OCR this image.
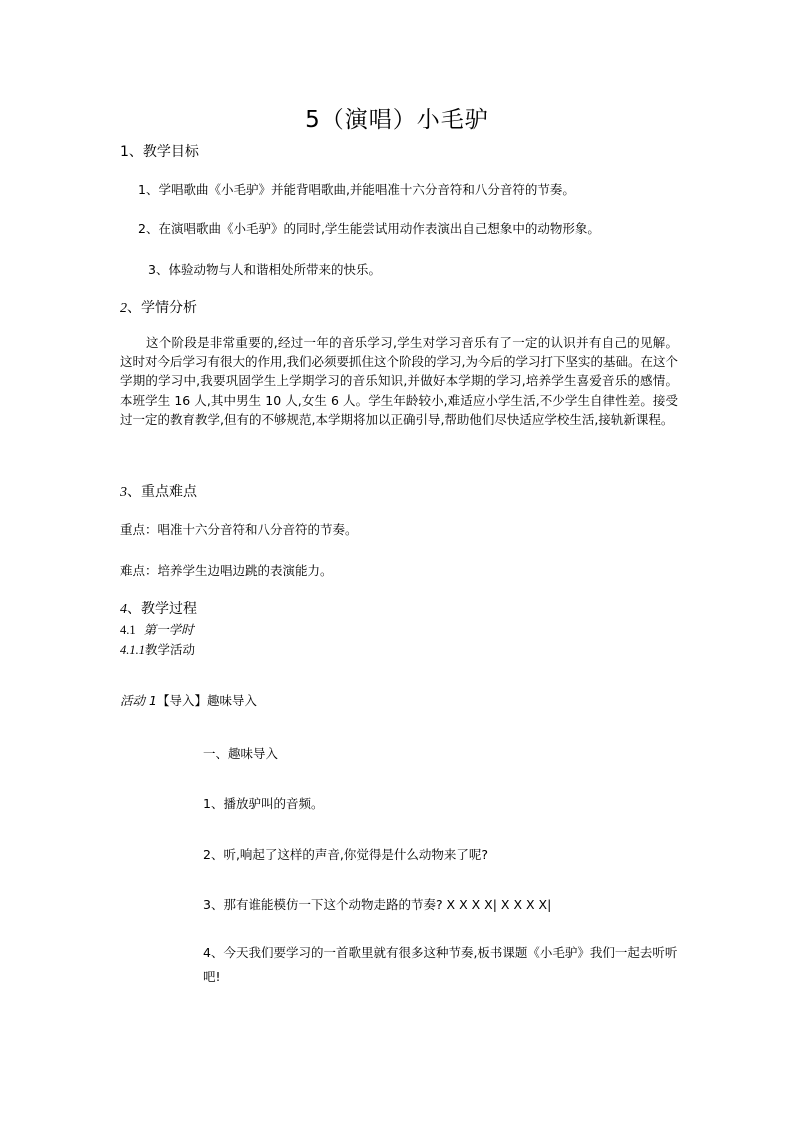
5（演唱）小毛驴
1、教学目标
1、学唱歌曲《小毛驴》并能背唱歌曲,并能唱准十六分音符和八分音符的节奏。
2、在演唱歌曲《小毛驴》的同时,学生能尝试用动作表演出自己想象中的动物形象。
3、体验动物与人和谐相处所带来的快乐。
2、学情分析
这个阶段是非常重要的,经过一年的音乐学习,学生对学习音乐有了一定的认识并有自己的见解。这时对今后学习有很大的作用,我们必须要抓住这个阶段的学习,为今后的学习打下坚实的基础。在这个学期的学习中,我要巩固学生上学期学习的音乐知识,并做好本学期的学习,培养学生喜爱音乐的感情。本班学生 16 人,其中男生 10 人,女生 6 人。学生年龄较小,难适应小学生活,不少学生自律性差。接受过一定的教育教学,但有的不够规范,本学期将加以正确引导,帮助他们尽快适应学校生活,接轨新课程。
3、重点难点
重点：唱准十六分音符和八分音符的节奏。
难点：培养学生边唱边跳的表演能力。
4、教学过程
4.1 第一学时
4.1.1教学活动
活动 1【导入】趣味导入
一、趣味导入
1、播放驴叫的音频。
2、听,响起了这样的声音,你觉得是什么动物来了呢?
3、那有谁能模仿一下这个动物走路的节奏? X X X X| X X X X|
4、今天我们要学习的一首歌里就有很多这种节奏,板书课题《小毛驴》我们一起去听听吧!
